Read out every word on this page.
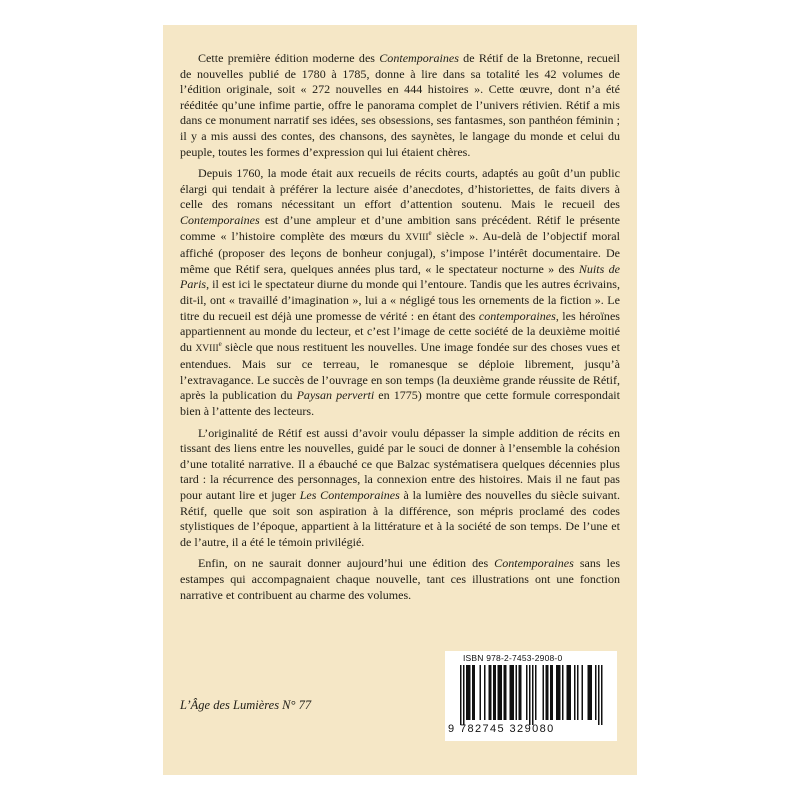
Cette première édition moderne des Contemporaines de Rétif de la Bretonne, recueil de nouvelles publié de 1780 à 1785, donne à lire dans sa totalité les 42 volumes de l’édition originale, soit « 272 nouvelles en 444 histoires ». Cette œuvre, dont n’a été rééditée qu’une infime partie, offre le panorama complet de l’univers rétivien. Rétif a mis dans ce monument narratif ses idées, ses obsessions, ses fantasmes, son panthéon féminin ; il y a mis aussi des contes, des chansons, des saynètes, le langage du monde et celui du peuple, toutes les formes d’expression qui lui étaient chères.

Depuis 1760, la mode était aux recueils de récits courts, adaptés au goût d’un public élargi qui tendait à préférer la lecture aisée d’anecdotes, d’historiettes, de faits divers à celle des romans nécessitant un effort d’attention soutenu. Mais le recueil des Contemporaines est d’une ampleur et d’une ambition sans précédent. Rétif le présente comme « l’histoire complète des mœurs du XVIIIe siècle ». Au-delà de l’objectif moral affiché (proposer des leçons de bonheur conjugal), s’impose l’intérêt documentaire. De même que Rétif sera, quelques années plus tard, « le spectateur nocturne » des Nuits de Paris, il est ici le spectateur diurne du monde qui l’entoure. Tandis que les autres écrivains, dit-il, ont « travaillé d’imagination », lui a « négligé tous les ornements de la fiction ». Le titre du recueil est déjà une promesse de vérité : en étant des contemporaines, les héroïnes appartiennent au monde du lecteur, et c’est l’image de cette société de la deuxième moitié du XVIIIe siècle que nous restituent les nouvelles. Une image fondée sur des choses vues et entendues. Mais sur ce terreau, le romanesque se déploie librement, jusqu’à l’extravagance. Le succès de l’ouvrage en son temps (la deuxième grande réussite de Rétif, après la publication du Paysan perverti en 1775) montre que cette formule correspondait bien à l’attente des lecteurs.

L’originalité de Rétif est aussi d’avoir voulu dépasser la simple addition de récits en tissant des liens entre les nouvelles, guidé par le souci de donner à l’ensemble la cohésion d’une totalité narrative. Il a ébauché ce que Balzac systématisera quelques décennies plus tard : la récurrence des personnages, la connexion entre des histoires. Mais il ne faut pas pour autant lire et juger Les Contemporaines à la lumière des nouvelles du siècle suivant. Rétif, quelle que soit son aspiration à la différence, son mépris proclamé des codes stylistiques de l’époque, appartient à la littérature et à la société de son temps. De l’une et de l’autre, il a été le témoin privilégié.

Enfin, on ne saurait donner aujourd’hui une édition des Contemporaines sans les estampes qui accompagnaient chaque nouvelle, tant ces illustrations ont une fonction narrative et contribuent au charme des volumes.

L’Âge des Lumières N° 77
ISBN 978-2-7453-2908-0
9 782745 329080
